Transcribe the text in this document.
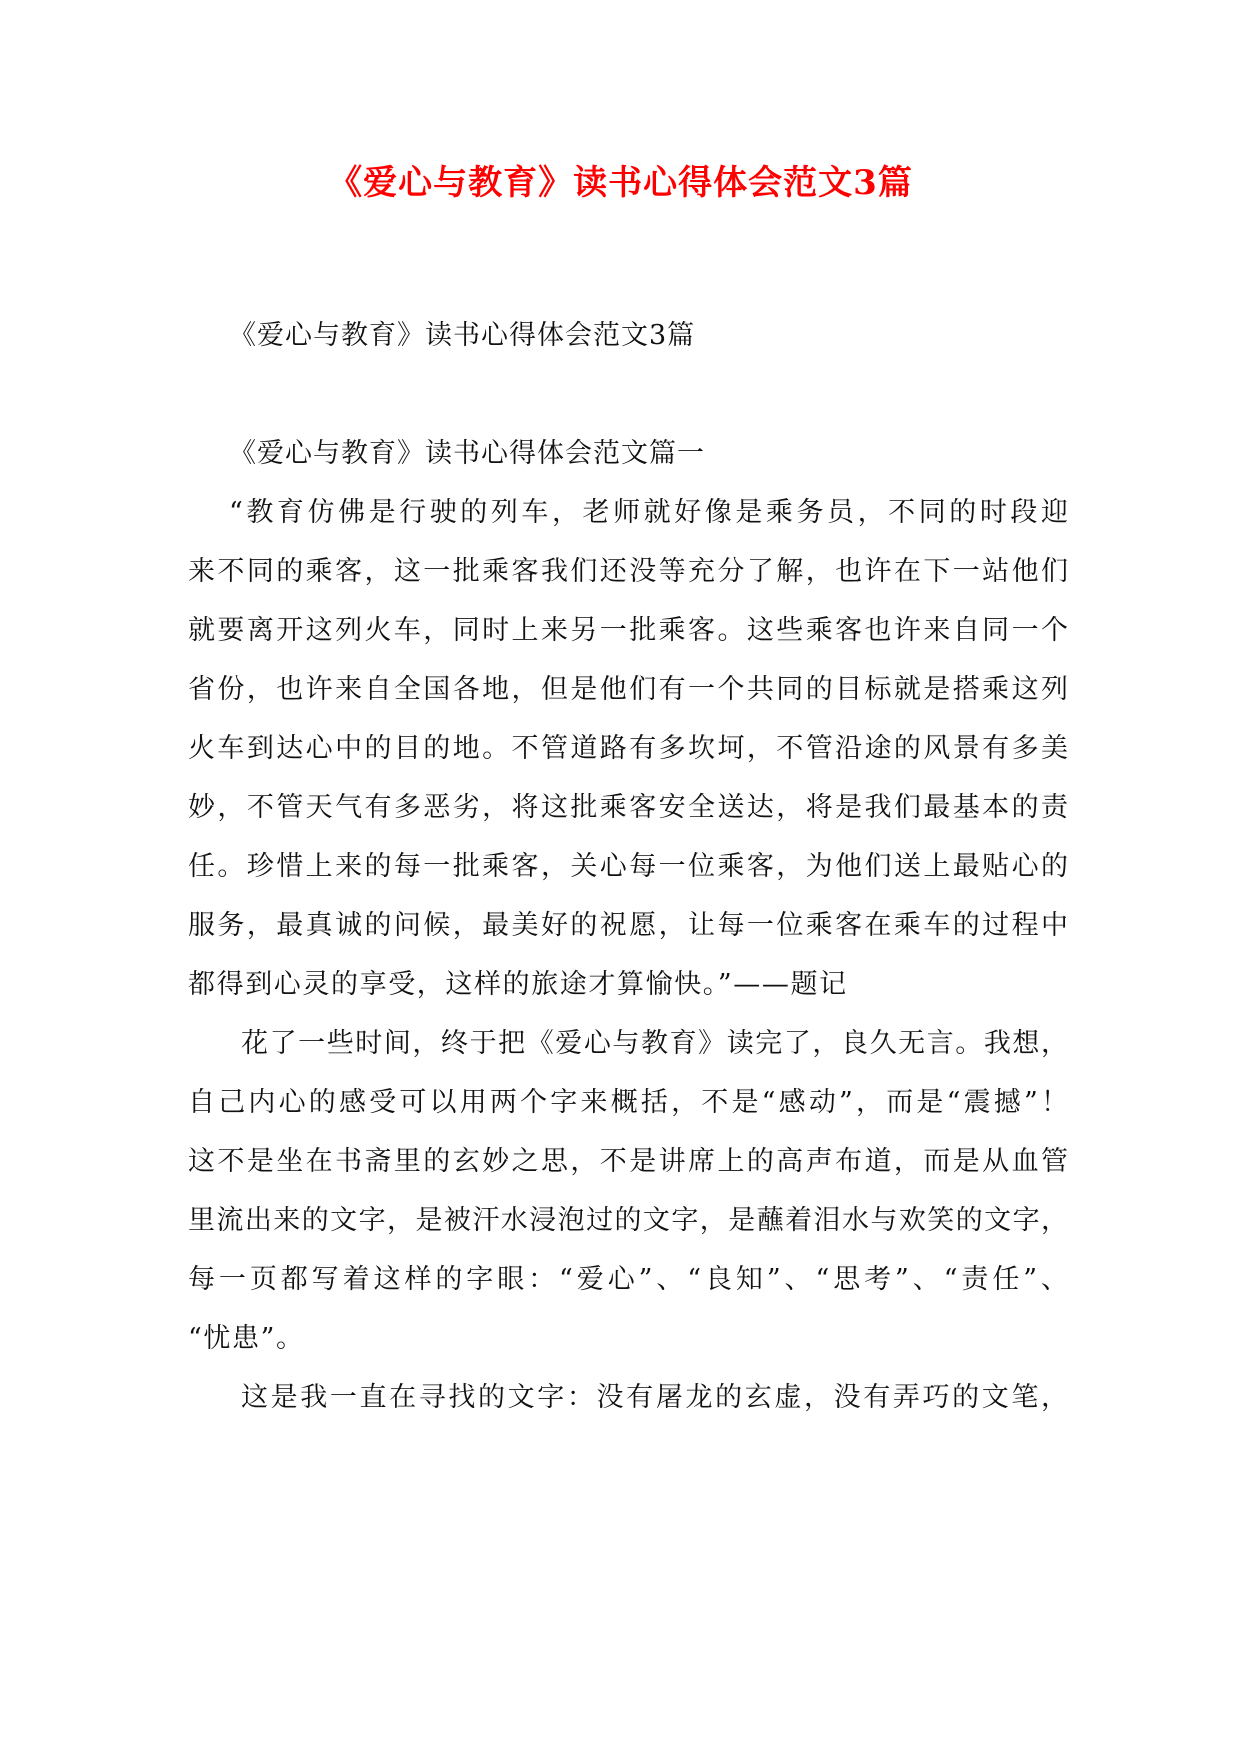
《爱心与教育》读书心得体会范文3篇
《爱心与教育》读书心得体会范文3篇
《爱心与教育》读书心得体会范文篇一
“教育仿佛是行驶的列车，老师就好像是乘务员，不同的时段迎
来不同的乘客，这一批乘客我们还没等充分了解，也许在下一站他们
就要离开这列火车，同时上来另一批乘客。这些乘客也许来自同一个
省份，也许来自全国各地，但是他们有一个共同的目标就是搭乘这列
火车到达心中的目的地。不管道路有多坎坷，不管沿途的风景有多美
妙，不管天气有多恶劣，将这批乘客安全送达，将是我们最基本的责
任。珍惜上来的每一批乘客，关心每一位乘客，为他们送上最贴心的
服务，最真诚的问候，最美好的祝愿，让每一位乘客在乘车的过程中
都得到心灵的享受，这样的旅途才算愉快。”——题记
花了一些时间，终于把《爱心与教育》读完了，良久无言。我想，
自己内心的感受可以用两个字来概括，不是“感动”，而是“震撼”！
这不是坐在书斋里的玄妙之思，不是讲席上的高声布道，而是从血管
里流出来的文字，是被汗水浸泡过的文字，是蘸着泪水与欢笑的文字，
每一页都写着这样的字眼：“爱心”、“良知”、“思考”、“责任”、
“忧患”。
这是我一直在寻找的文字：没有屠龙的玄虚，没有弄巧的文笔，
